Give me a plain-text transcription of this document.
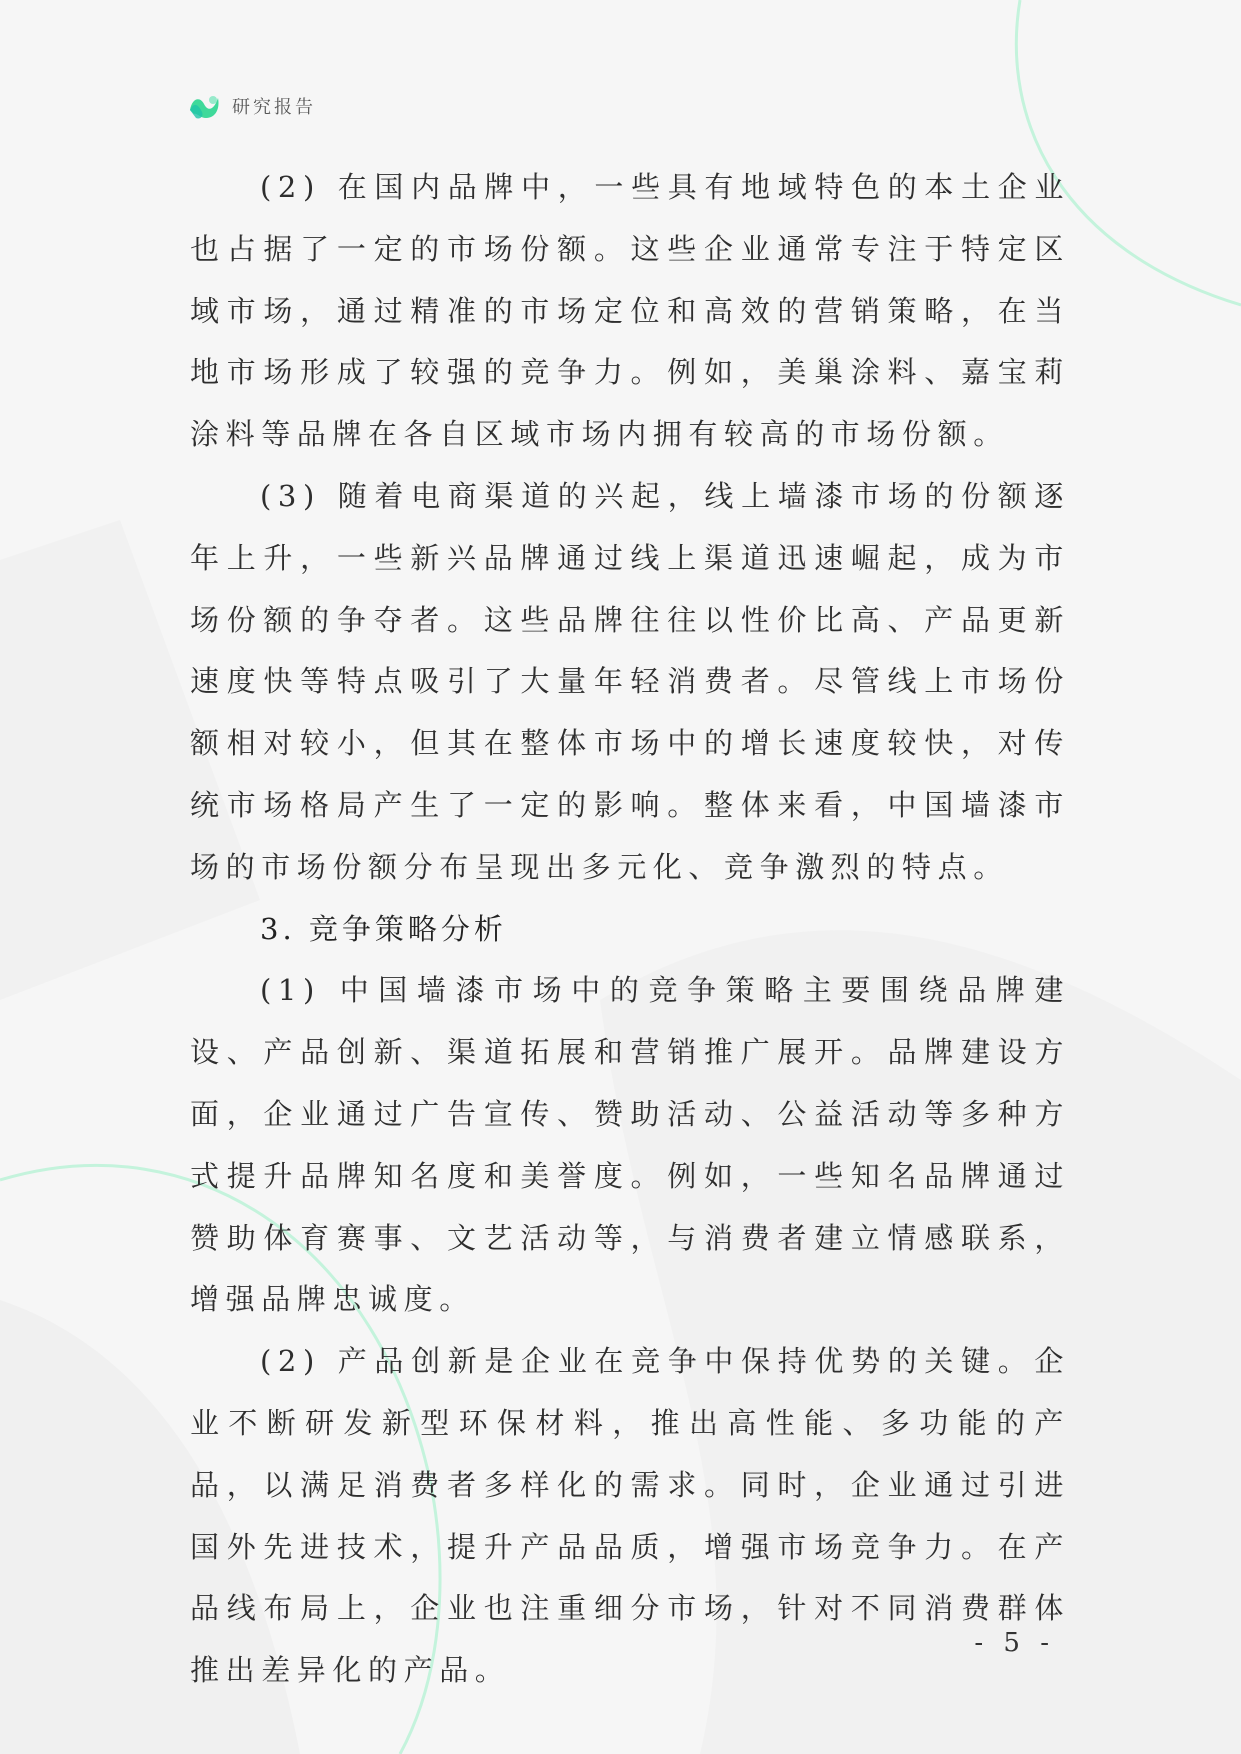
研究报告

(2) 在国内品牌中，一些具有地域特色的本土企业也占据了一定的市场份额。这些企业通常专注于特定区域市场，通过精准的市场定位和高效的营销策略，在当地市场形成了较强的竞争力。例如，美巢涂料、嘉宝莉涂料等品牌在各自区域市场内拥有较高的市场份额。

(3) 随着电商渠道的兴起，线上墙漆市场的份额逐年上升，一些新兴品牌通过线上渠道迅速崛起，成为市场份额的争夺者。这些品牌往往以性价比高、产品更新速度快等特点吸引了大量年轻消费者。尽管线上市场份额相对较小，但其在整体市场中的增长速度较快，对传统市场格局产生了一定的影响。整体来看，中国墙漆市场的市场份额分布呈现出多元化、竞争激烈的特点。

3. 竞争策略分析

(1) 中国墙漆市场中的竞争策略主要围绕品牌建设、产品创新、渠道拓展和营销推广展开。品牌建设方面，企业通过广告宣传、赞助活动、公益活动等多种方式提升品牌知名度和美誉度。例如，一些知名品牌通过赞助体育赛事、文艺活动等，与消费者建立情感联系，增强品牌忠诚度。

(2) 产品创新是企业在竞争中保持优势的关键。企业不断研发新型环保材料，推出高性能、多功能的产品，以满足消费者多样化的需求。同时，企业通过引进国外先进技术，提升产品品质，增强市场竞争力。在产品线布局上，企业也注重细分市场，针对不同消费群体推出差异化的产品。

- 5 -
